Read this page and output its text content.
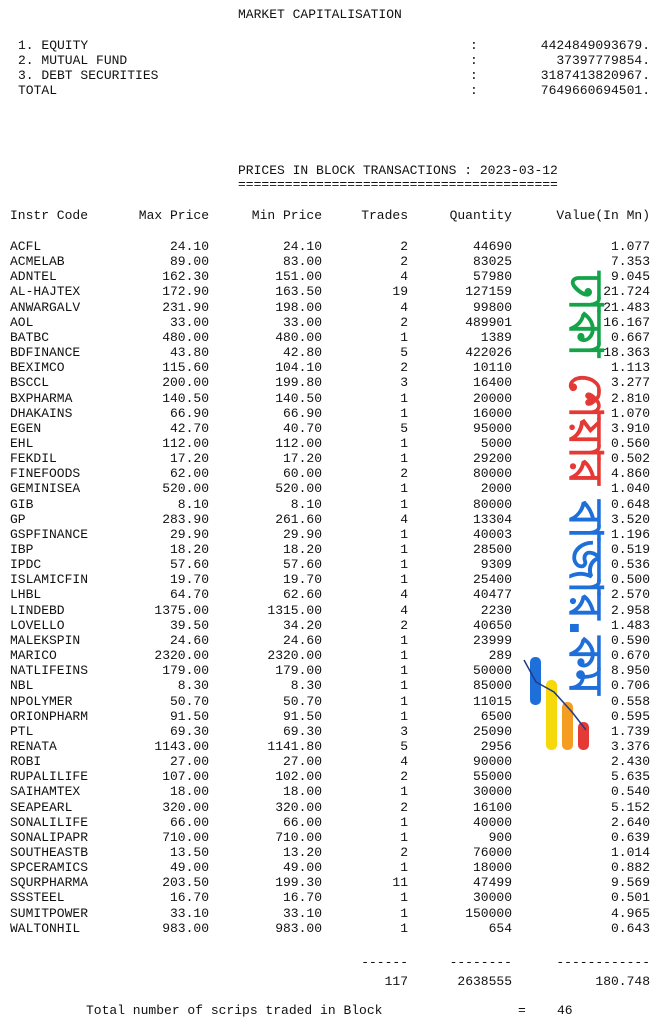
MARKET CAPITALISATION
1. EQUITY	:	4424849093679.
2. MUTUAL FUND	:	37397779854.
3. DEBT SECURITIES	:	3187413820967.
TOTAL	:	7649660694501.
PRICES IN BLOCK TRANSACTIONS : 2023-03-12
=========================================
Instr Code	Max Price	Min Price	Trades	Quantity	Value(In Mn)
ACFL	24.10	24.10	2	44690	1.077
ACMELAB	89.00	83.00	2	83025	7.353
ADNTEL	162.30	151.00	4	57980	9.045
AL-HAJTEX	172.90	163.50	19	127159	21.724
ANWARGALV	231.90	198.00	4	99800	21.483
AOL	33.00	33.00	2	489901	16.167
BATBC	480.00	480.00	1	1389	0.667
BDFINANCE	43.80	42.80	5	422026	18.363
BEXIMCO	115.60	104.10	2	10110	1.113
BSCCL	200.00	199.80	3	16400	3.277
BXPHARMA	140.50	140.50	1	20000	2.810
DHAKAINS	66.90	66.90	1	16000	1.070
EGEN	42.70	40.70	5	95000	3.910
EHL	112.00	112.00	1	5000	0.560
FEKDIL	17.20	17.20	1	29200	0.502
FINEFOODS	62.00	60.00	2	80000	4.860
GEMINISEA	520.00	520.00	1	2000	1.040
GIB	8.10	8.10	1	80000	0.648
GP	283.90	261.60	4	13304	3.520
GSPFINANCE	29.90	29.90	1	40003	1.196
IBP	18.20	18.20	1	28500	0.519
IPDC	57.60	57.60	1	9309	0.536
ISLAMICFIN	19.70	19.70	1	25400	0.500
LHBL	64.70	62.60	4	40477	2.570
LINDEBD	1375.00	1315.00	4	2230	2.958
LOVELLO	39.50	34.20	2	40650	1.483
MALEKSPIN	24.60	24.60	1	23999	0.590
MARICO	2320.00	2320.00	1	289	0.670
NATLIFEINS	179.00	179.00	1	50000	8.950
NBL	8.30	8.30	1	85000	0.706
NPOLYMER	50.70	50.70	1	11015	0.558
ORIONPHARM	91.50	91.50	1	6500	0.595
PTL	69.30	69.30	3	25090	1.739
RENATA	1143.00	1141.80	5	2956	3.376
ROBI	27.00	27.00	4	90000	2.430
RUPALILIFE	107.00	102.00	2	55000	5.635
SAIHAMTEX	18.00	18.00	1	30000	0.540
SEAPEARL	320.00	320.00	2	16100	5.152
SONALILIFE	66.00	66.00	1	40000	2.640
SONALIPAPR	710.00	710.00	1	900	0.639
SOUTHEASTB	13.50	13.20	2	76000	1.014
SPCERAMICS	49.00	49.00	1	18000	0.882
SQURPHARMA	203.50	199.30	11	47499	9.569
SSSTEEL	16.70	16.70	1	30000	0.501
SUMITPOWER	33.10	33.10	1	150000	4.965
WALTONHIL	983.00	983.00	1	654	0.643
------	--------	------------
117	2638555	180.748
Total number of scrips traded in Block	= 46
ঢাকা শেয়ার বাজার.কম
